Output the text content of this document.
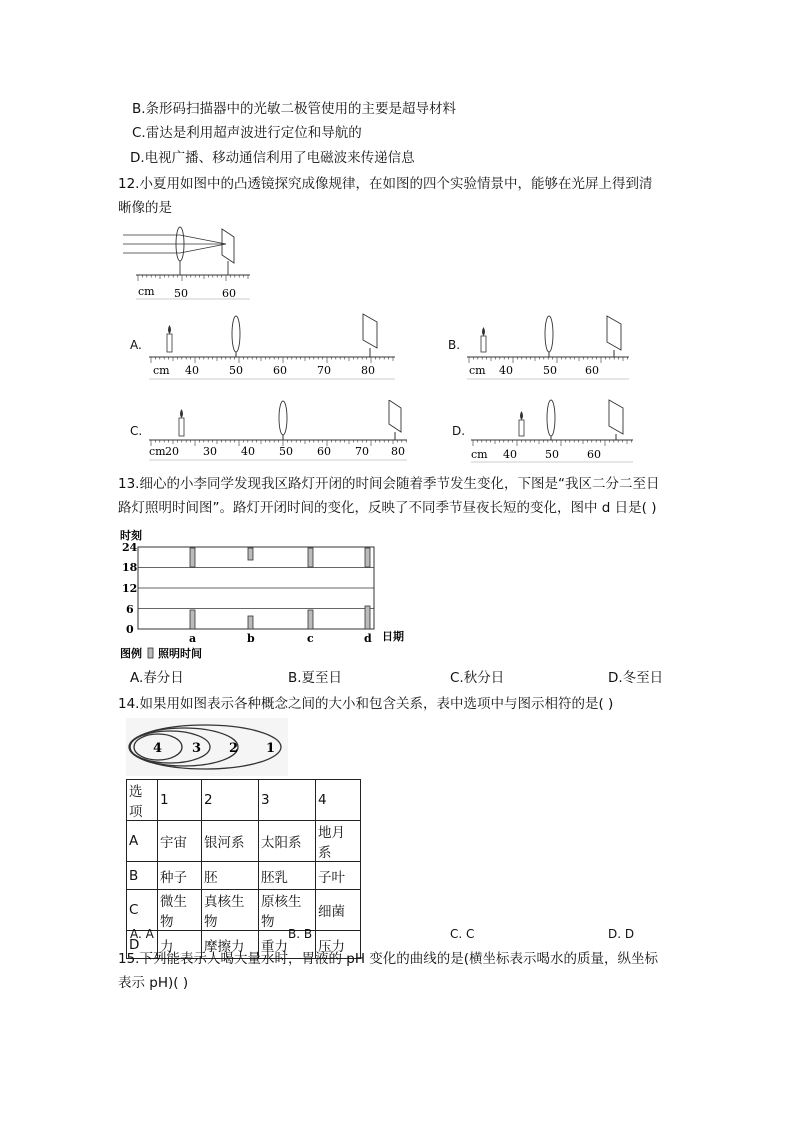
B.条形码扫描器中的光敏二极管使用的主要是超导材料
C.雷达是利用超声波进行定位和导航的
D.电视广播、移动通信利用了电磁波来传递信息
12.小夏用如图中的凸透镜探究成像规律，在如图的四个实验情景中，能够在光屏上得到清
晰像的是
cm 50	60
A.
cm 40	50	60	70	80
B.
cm 40	50	60
C.
cm 20 30 40 50 60 70 80
D.
cm 40	50	60
13.细心的小李同学发现我区路灯开闭的时间会随着季节发生变化，下图是“我区二分二至日
路灯照明时间图”。路灯开闭时间的变化，反映了不同季节昼夜长短的变化，图中 d 日是( )
时刻
24
18
12
6
0
a	b	c	d 日期
图例 照明时间
A.春分日	B.夏至日	C.秋分日	D.冬至日
14.如果用如图表示各种概念之间的大小和包含关系，表中选项中与图示相符的是( )
4 3 2 1
选项	1	2	3	4
A	宇宙	银河系	太阳系	地月系
B	种子	胚	胚乳	子叶
C	微生物	真核生物	原核生物	细菌
D	力	摩擦力	重力	压力
A. A	B. B	C. C	D. D
15.下列能表示人喝大量水时，胃液的 pH 变化的曲线的是(横坐标表示喝水的质量，纵坐标
表示 pH)( )
